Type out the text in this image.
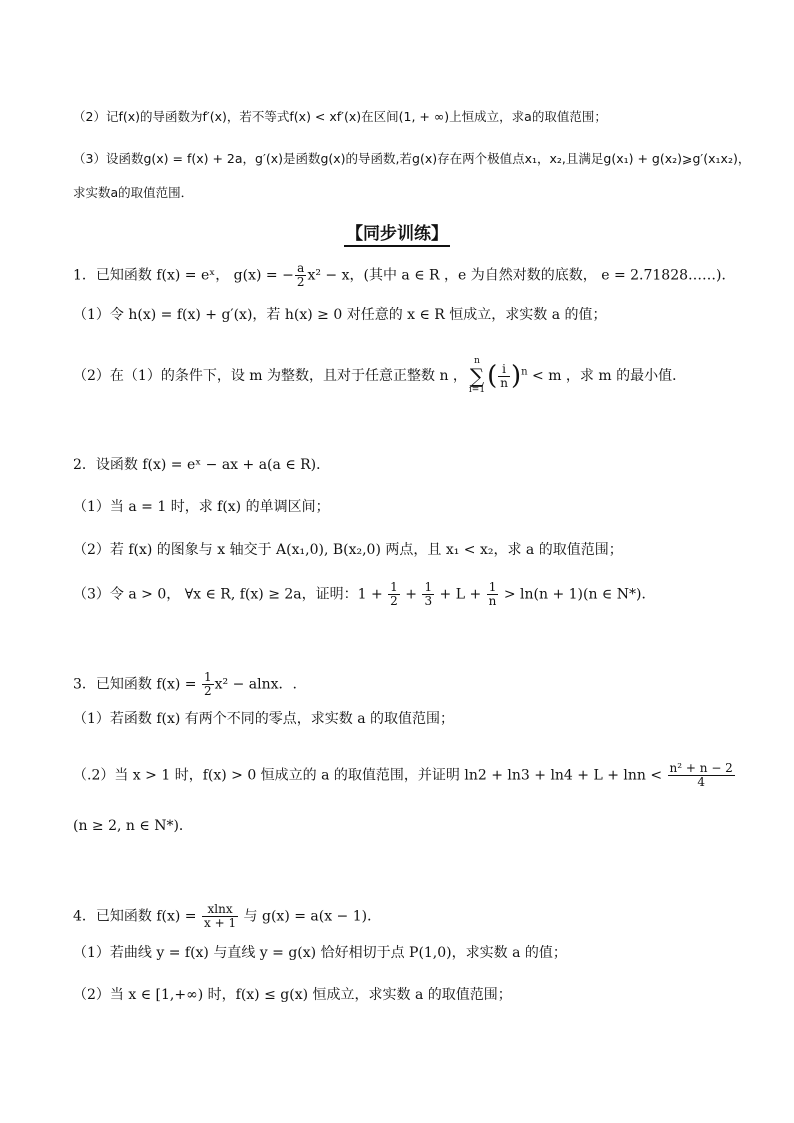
（2）记f(x)的导函数为f′(x)，若不等式f(x) < xf′(x)在区间(1, + ∞)上恒成立，求a的取值范围；
（3）设函数g(x) = f(x) + 2a，g′(x)是函数g(x)的导函数,若g(x)存在两个极值点x₁，x₂,且满足g(x₁) + g(x₂)⩾g′(x₁x₂)，
求实数a的取值范围．
【同步训练】
1．已知函数 f(x) = eˣ， g(x) = − $\frac{a}{2} x^2 - x$，(其中 a ∈ R ，e 为自然对数的底数， e = 2.71828……)．
（1）令 h(x) = f(x) + g′(x)，若 h(x) ≥ 0 对任意的 x ∈ R 恒成立，求实数 a 的值；
（2）在（1）的条件下，设 m 为整数，且对于任意正整数 n ，n
∑
$i=1( \frac{i}{n} )^n < m$ ，求 m 的最小值．
2．设函数 f(x) = eˣ − ax + a(a ∈ R)．
（1）当 a = 1 时，求 f(x) 的单调区间；
（2）若 f(x) 的图象与 x 轴交于 A(x₁,0), B(x₂,0) 两点，且 x₁ < x₂，求 a 的取值范围；
（3）令 a > 0， ∀x ∈ R, f(x) ≥ 2a，证明：$1 + \frac{1}{2} + \frac{1}{3} + L + \frac{1}{n} > \ln(n + 1)(n$ ∈ N*)．
3．已知函数 $f(x) = \frac{1}{2} x^2 - alnx$．.
（1）若函数 f(x) 有两个不同的零点，求实数 a 的取值范围；
（.2）当 x > 1 时，f(x) > 0 恒成立的 a 的取值范围，并证明 $\ln 2 + \ln 3 + \ln 4 + L + \ln n < \frac{\text{n² + n − 2}}{4}$
(n ≥ 2, n ∈ N*)．
4．已知函数 $f(x) = \frac{xlnx}{x + 1}$ 与 g(x) = a(x − 1)．
（1）若曲线 y = f(x) 与直线 y = g(x) 恰好相切于点 P(1,0)，求实数 a 的值；
（2）当 x ∈ [1,+∞) 时，f(x) ≤ g(x) 恒成立，求实数 a 的取值范围；
